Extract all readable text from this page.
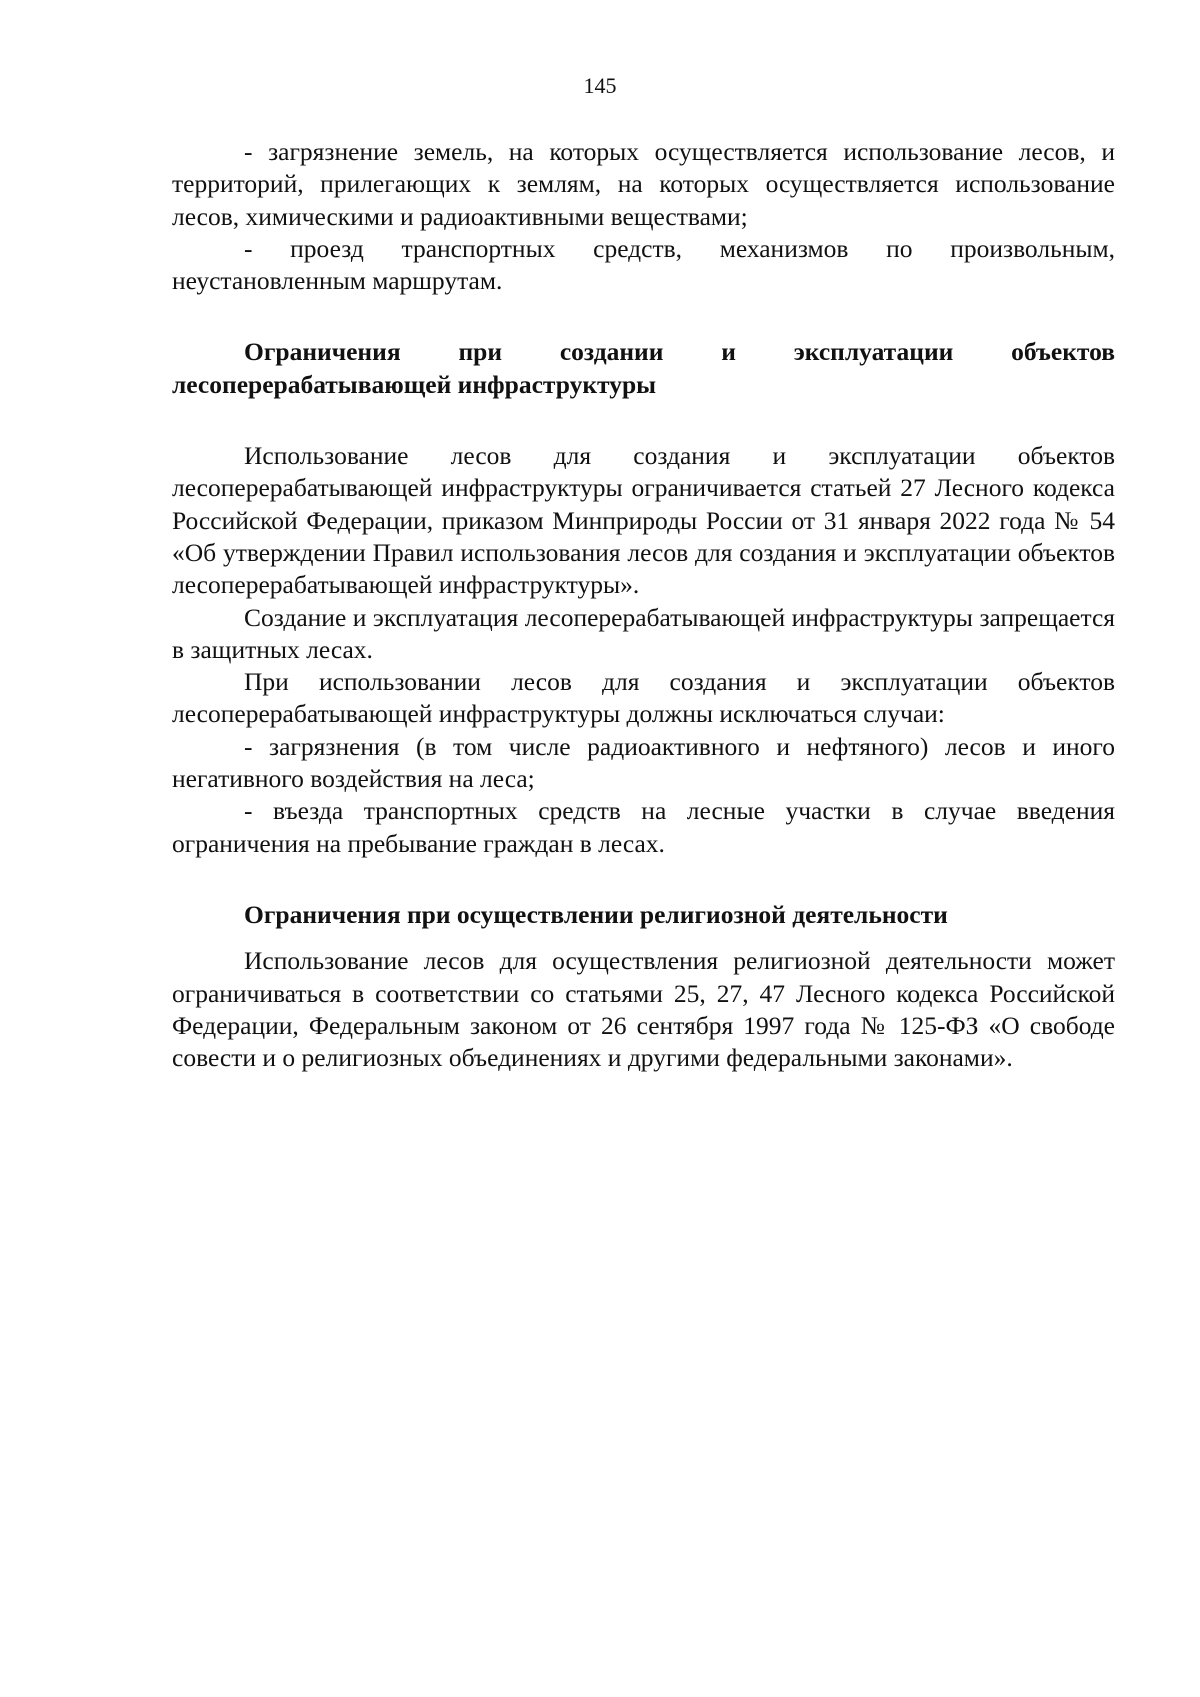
145

- загрязнение земель, на которых осуществляется использование лесов, и территорий, прилегающих к землям, на которых осуществляется использование лесов, химическими и радиоактивными веществами;

- проезд транспортных средств, механизмов по произвольным, неустановленным маршрутам.

Ограничения при создании и эксплуатации объектов лесоперерабатывающей инфраструктуры

Использование лесов для создания и эксплуатации объектов лесоперерабатывающей инфраструктуры ограничивается статьей 27 Лесного кодекса Российской Федерации, приказом Минприроды России от 31 января 2022 года № 54 «Об утверждении Правил использования лесов для создания и эксплуатации объектов лесоперерабатывающей инфраструктуры».

Создание и эксплуатация лесоперерабатывающей инфраструктуры запрещается в защитных лесах.

При использовании лесов для создания и эксплуатации объектов лесоперерабатывающей инфраструктуры должны исключаться случаи:

- загрязнения (в том числе радиоактивного и нефтяного) лесов и иного негативного воздействия на леса;

- въезда транспортных средств на лесные участки в случае введения ограничения на пребывание граждан в лесах.

Ограничения при осуществлении религиозной деятельности

Использование лесов для осуществления религиозной деятельности может ограничиваться в соответствии со статьями 25, 27, 47 Лесного кодекса Российской Федерации, Федеральным законом от 26 сентября 1997 года № 125-ФЗ «О свободе совести и о религиозных объединениях и другими федеральными законами».
